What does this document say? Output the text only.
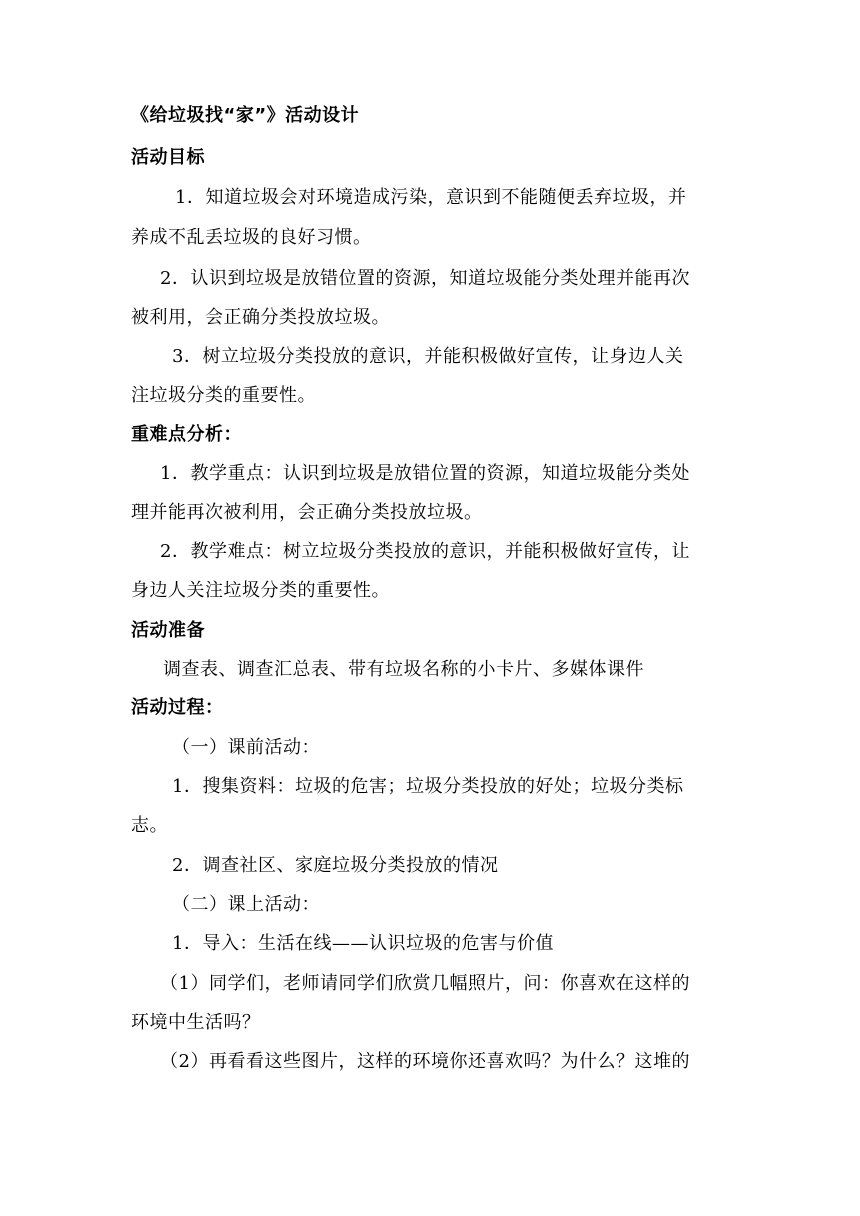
《给垃圾找“家”》活动设计
活动目标
1．知道垃圾会对环境造成污染，意识到不能随便丢弃垃圾，并
养成不乱丢垃圾的良好习惯。
2．认识到垃圾是放错位置的资源，知道垃圾能分类处理并能再次
被利用，会正确分类投放垃圾。
3．树立垃圾分类投放的意识，并能积极做好宣传，让身边人关
注垃圾分类的重要性。
重难点分析：
1．教学重点：认识到垃圾是放错位置的资源，知道垃圾能分类处
理并能再次被利用，会正确分类投放垃圾。
2．教学难点：树立垃圾分类投放的意识，并能积极做好宣传，让
身边人关注垃圾分类的重要性。
活动准备
调查表、调查汇总表、带有垃圾名称的小卡片、多媒体课件
活动过程：
（一）课前活动：
1．搜集资料：垃圾的危害；垃圾分类投放的好处；垃圾分类标
志。
2．调查社区、家庭垃圾分类投放的情况
（二）课上活动：
1．导入：生活在线——认识垃圾的危害与价值
（1）同学们，老师请同学们欣赏几幅照片，问：你喜欢在这样的
环境中生活吗？
（2）再看看这些图片，这样的环境你还喜欢吗？为什么？这堆的
